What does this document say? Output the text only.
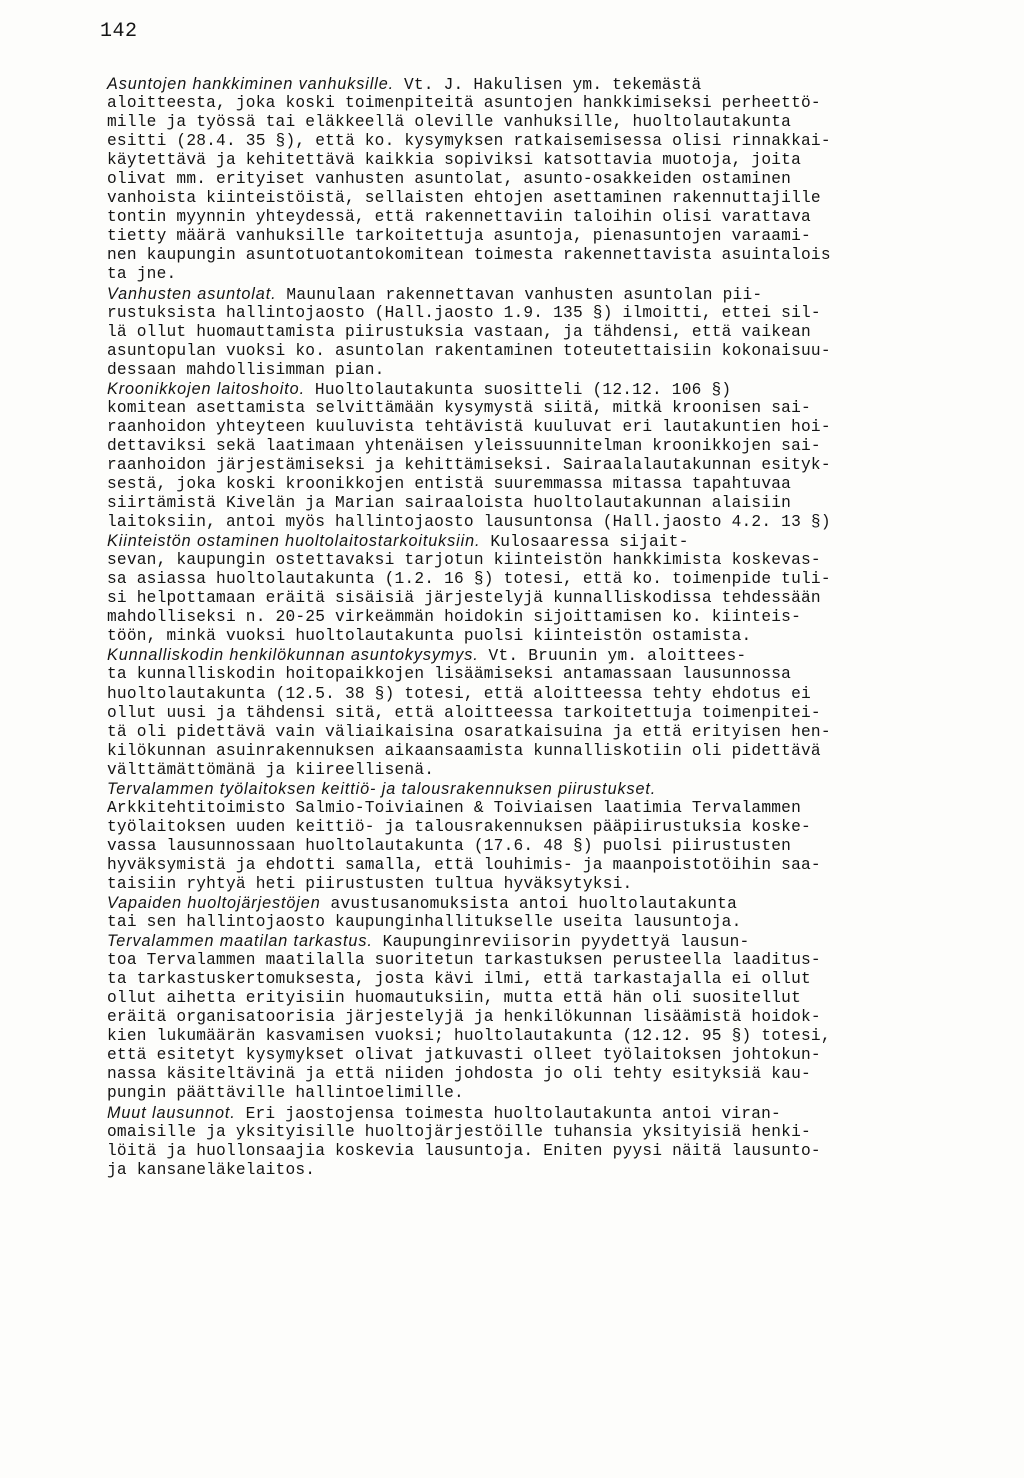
142
Asuntojen hankkiminen vanhuksille. Vt. J. Hakulisen ym. tekemästä
aloitteesta, joka koski toimenpiteitä asuntojen hankkimiseksi perheettö-
mille ja työssä tai eläkkeellä oleville vanhuksille, huoltolautakunta
esitti (28.4. 35 §), että ko. kysymyksen ratkaisemisessa olisi rinnakkai-
käytettävä ja kehitettävä kaikkia sopiviksi katsottavia muotoja, joita
olivat mm. erityiset vanhusten asuntolat, asunto-osakkeiden ostaminen
vanhoista kiinteistöistä, sellaisten ehtojen asettaminen rakennuttajille
tontin myynnin yhteydessä, että rakennettaviin taloihin olisi varattava
tietty määrä vanhuksille tarkoitettuja asuntoja, pienasuntojen varaami-
nen kaupungin asuntotuotantokomitean toimesta rakennettavista asuintalois
ta jne.
Vanhusten asuntolat. Maunulaan rakennettavan vanhusten asuntolan pii-
rustuksista hallintojaosto (Hall.jaosto 1.9. 135 §) ilmoitti, ettei sil-
lä ollut huomauttamista piirustuksia vastaan, ja tähdensi, että vaikean
asuntopulan vuoksi ko. asuntolan rakentaminen toteutettaisiin kokonaisuu-
dessaan mahdollisimman pian.
Kroonikkojen laitoshoito. Huoltolautakunta suositteli (12.12. 106 §)
komitean asettamista selvittämään kysymystä siitä, mitkä kroonisen sai-
raanhoidon yhteyteen kuuluvista tehtävistä kuuluvat eri lautakuntien hoi-
dettaviksi sekä laatimaan yhtenäisen yleissuunnitelman kroonikkojen sai-
raanhoidon järjestämiseksi ja kehittämiseksi. Sairaalalautakunnan esityk-
sestä, joka koski kroonikkojen entistä suuremmassa mitassa tapahtuvaa
siirtämistä Kivelän ja Marian sairaaloista huoltolautakunnan alaisiin
laitoksiin, antoi myös hallintojaosto lausuntonsa (Hall.jaosto 4.2. 13 §)
Kiinteistön ostaminen huoltolaitostarkoituksiin. Kulosaaressa sijait-
sevan, kaupungin ostettavaksi tarjotun kiinteistön hankkimista koskevas-
sa asiassa huoltolautakunta (1.2. 16 §) totesi, että ko. toimenpide tuli-
si helpottamaan eräitä sisäisiä järjestelyjä kunnalliskodissa tehdessään
mahdolliseksi n. 20-25 virkeämmän hoidokin sijoittamisen ko. kiinteis-
töön, minkä vuoksi huoltolautakunta puolsi kiinteistön ostamista.
Kunnalliskodin henkilökunnan asuntokysymys. Vt. Bruunin ym. aloittees-
ta kunnalliskodin hoitopaikkojen lisäämiseksi antamassaan lausunnossa
huoltolautakunta (12.5. 38 §) totesi, että aloitteessa tehty ehdotus ei
ollut uusi ja tähdensi sitä, että aloitteessa tarkoitettuja toimenpitei-
tä oli pidettävä vain väliaikaisina osaratkaisuina ja että erityisen hen-
kilökunnan asuinrakennuksen aikaansaamista kunnalliskotiin oli pidettävä
välttämättömänä ja kiireellisenä.
Tervalammen työlaitoksen keittiö- ja talousrakennuksen piirustukset.
Arkkitehtitoimisto Salmio-Toiviainen & Toiviaisen laatimia Tervalammen
työlaitoksen uuden keittiö- ja talousrakennuksen pääpiirustuksia koske-
vassa lausunnossaan huoltolautakunta (17.6. 48 §) puolsi piirustusten
hyväksymistä ja ehdotti samalla, että louhimis- ja maanpoistotöihin saa-
taisiin ryhtyä heti piirustusten tultua hyväksytyksi.
Vapaiden huoltojärjestöjen avustusanomuksista antoi huoltolautakunta
tai sen hallintojaosto kaupunginhallitukselle useita lausuntoja.
Tervalammen maatilan tarkastus. Kaupunginreviisorin pyydettyä lausun-
toa Tervalammen maatilalla suoritetun tarkastuksen perusteella laaditus-
ta tarkastuskertomuksesta, josta kävi ilmi, että tarkastajalla ei ollut
ollut aihetta erityisiin huomautuksiin, mutta että hän oli suositellut
eräitä organisatoorisia järjestelyjä ja henkilökunnan lisäämistä hoidok-
kien lukumäärän kasvamisen vuoksi; huoltolautakunta (12.12. 95 §) totesi,
että esitetyt kysymykset olivat jatkuvasti olleet työlaitoksen johtokun-
nassa käsiteltävinä ja että niiden johdosta jo oli tehty esityksiä kau-
pungin päättäville hallintoelimille.
Muut lausunnot. Eri jaostojensa toimesta huoltolautakunta antoi viran-
omaisille ja yksityisille huoltojärjestöille tuhansia yksityisiä henki-
löitä ja huollonsaajia koskevia lausuntoja. Eniten pyysi näitä lausunto-
ja kansaneläkelaitos.
